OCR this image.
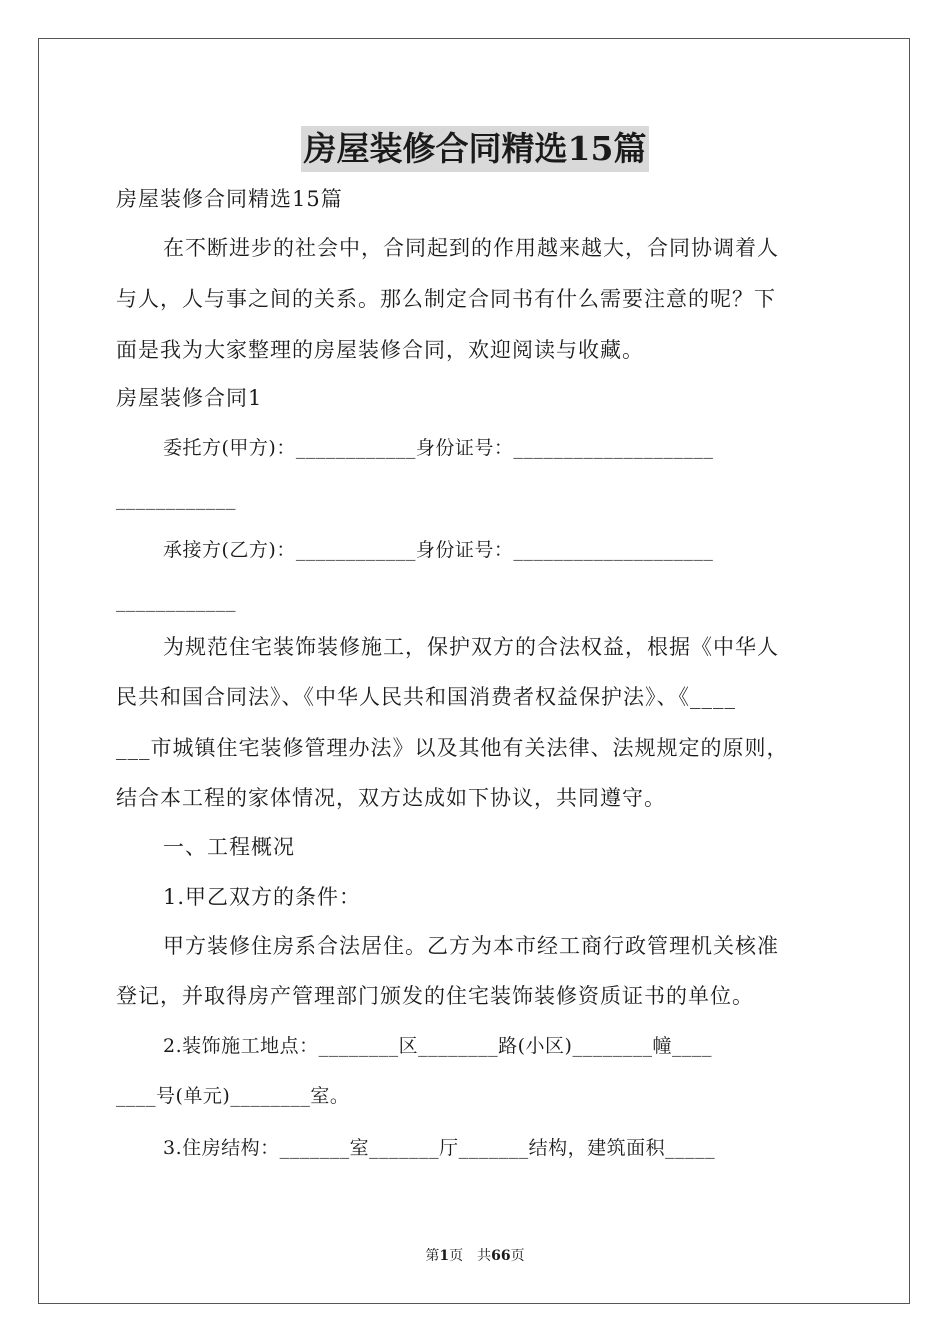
房屋装修合同精选15篇
房屋装修合同精选15篇
在不断进步的社会中，合同起到的作用越来越大，合同协调着人
与人，人与事之间的关系。那么制定合同书有什么需要注意的呢？下
面是我为大家整理的房屋装修合同，欢迎阅读与收藏。
房屋装修合同1
委托方(甲方)：____________身份证号：____________________
____________
承接方(乙方)：____________身份证号：____________________
____________
为规范住宅装饰装修施工，保护双方的合法权益，根据《中华人
民共和国合同法》、《中华人民共和国消费者权益保护法》、《____
___市城镇住宅装修管理办法》以及其他有关法律、法规规定的原则，
结合本工程的家体情况，双方达成如下协议，共同遵守。
一、工程概况
1.甲乙双方的条件：
甲方装修住房系合法居住。乙方为本市经工商行政管理机关核准
登记，并取得房产管理部门颁发的住宅装饰装修资质证书的单位。
2.装饰施工地点：________区________路(小区)________幢____
____号(单元)________室。
3.住房结构：_______室_______厅_______结构，建筑面积_____
第1页　共66页
